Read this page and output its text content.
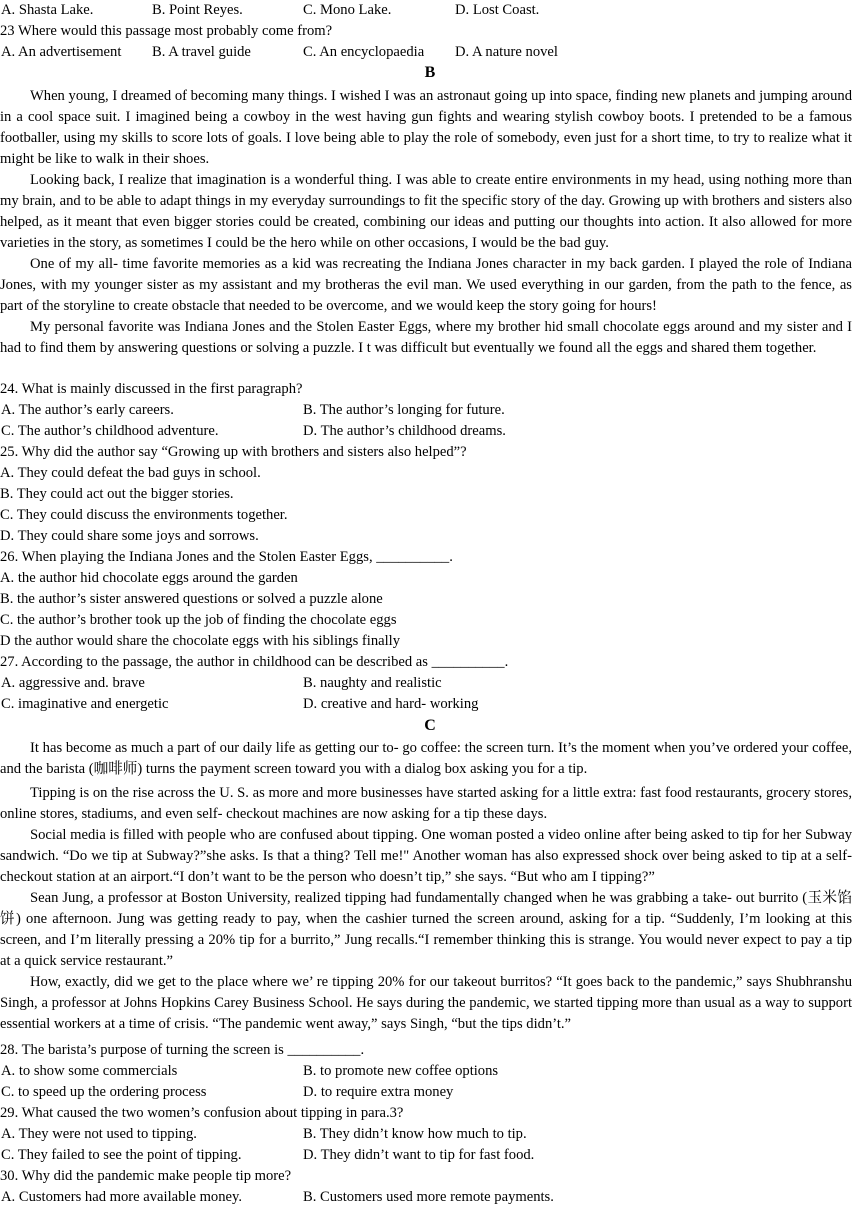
A. Shasta Lake.	B. Point Reyes.	C. Mono Lake.	D. Lost Coast.
23 Where would this passage most probably come from?
A. An advertisement B. A travel guide	C. An encyclopaedia D. A nature novel
B
When young, I dreamed of becoming many things. I wished I was an astronaut going up into space, finding new planets and jumping around in a cool space suit. I imagined being a cowboy in the west having gun fights and wearing stylish cowboy boots. I pretended to be a famous footballer, using my skills to score lots of goals. I love being able to play the role of somebody, even just for a short time, to try to realize what it might be like to walk in their shoes.
Looking back, I realize that imagination is a wonderful thing. I was able to create entire environments in my head, using nothing more than my brain, and to be able to adapt things in my everyday surroundings to fit the specific story of the day. Growing up with brothers and sisters also helped, as it meant that even bigger stories could be created, combining our ideas and putting our thoughts into action. It also allowed for more varieties in the story, as sometimes I could be the hero while on other occasions, I would be the bad guy.
One of my all- time favorite memories as a kid was recreating the Indiana Jones character in my back garden. I played the role of Indiana Jones, with my younger sister as my assistant and my brotheras the evil man. We used everything in our garden, from the path to the fence, as part of the storyline to create obstacle that needed to be overcome, and we would keep the story going for hours!
My personal favorite was Indiana Jones and the Stolen Easter Eggs, where my brother hid small chocolate eggs around and my sister and I had to find them by answering questions or solving a puzzle. I t was difficult but eventually we found all the eggs and shared them together.
24. What is mainly discussed in the first paragraph?
A. The author’s early careers.	B. The author’s longing for future.
C. The author’s childhood adventure.	D. The author’s childhood dreams.
25. Why did the author say “Growing up with brothers and sisters also helped”?
A. They could defeat the bad guys in school.
B. They could act out the bigger stories.
C. They could discuss the environments together.
D. They could share some joys and sorrows.
26. When playing the Indiana Jones and the Stolen Easter Eggs, __________.
A. the author hid chocolate eggs around the garden
B. the author’s sister answered questions or solved a puzzle alone
C. the author’s brother took up the job of finding the chocolate eggs
D the author would share the chocolate eggs with his siblings finally
27. According to the passage, the author in childhood can be described as __________.
A. aggressive and. brave	B. naughty and realistic
C. imaginative and energetic	D. creative and hard- working
C
It has become as much a part of our daily life as getting our to- go coffee: the screen turn. It’s the moment when you’ve ordered your coffee, and the barista (咖啡师) turns the payment screen toward you with a dialog box asking you for a tip.
Tipping is on the rise across the U. S. as more and more businesses have started asking for a little extra: fast food restaurants, grocery stores, online stores, stadiums, and even self- checkout machines are now asking for a tip these days.
Social media is filled with people who are confused about tipping. One woman posted a video online after being asked to tip for her Subway sandwich. “Do we tip at Subway?”she asks. Is that a thing? Tell me!" Another woman has also expressed shock over being asked to tip at a self- checkout station at an airport.“I don’t want to be the person who doesn’t tip,” she says. “But who am I tipping?”
Sean Jung, a professor at Boston University, realized tipping had fundamentally changed when he was grabbing a take- out burrito (玉米馅饼) one afternoon. Jung was getting ready to pay, when the cashier turned the screen around, asking for a tip. “Suddenly, I’m looking at this screen, and I’m literally pressing a 20% tip for a burrito,” Jung recalls.“I remember thinking this is strange. You would never expect to pay a tip at a quick service restaurant.”
How, exactly, did we get to the place where we’ re tipping 20% for our takeout burritos? “It goes back to the pandemic,” says Shubhranshu Singh, a professor at Johns Hopkins Carey Business School. He says during the pandemic, we started tipping more than usual as a way to support essential workers at a time of crisis. “The pandemic went away,” says Singh, “but the tips didn’t.”
28. The barista’s purpose of turning the screen is __________.
A. to show some commercials	B. to promote new coffee options
C. to speed up the ordering process	D. to require extra money
29. What caused the two women’s confusion about tipping in para.3?
A. They were not used to tipping.	B. They didn’t know how much to tip.
C. They failed to see the point of tipping.	D. They didn’t want to tip for fast food.
30. Why did the pandemic make people tip more?
A. Customers had more available money.	B. Customers used more remote payments.
